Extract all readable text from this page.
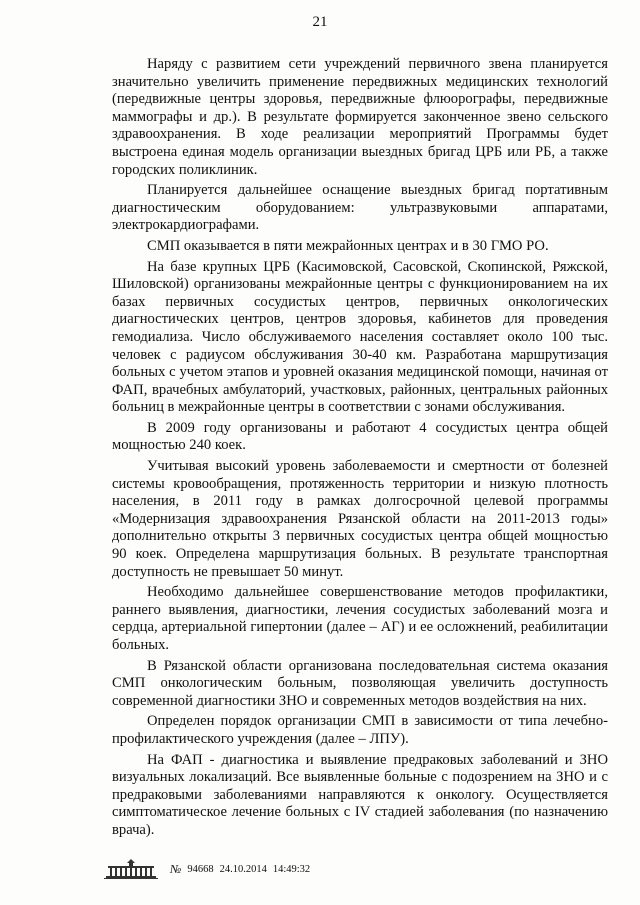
21

Наряду с развитием сети учреждений первичного звена планируется значительно увеличить применение передвижных медицинских технологий (передвижные центры здоровья, передвижные флюорографы, передвижные маммографы и др.). В результате формируется законченное звено сельского здравоохранения. В ходе реализации мероприятий Программы будет выстроена единая модель организации выездных бригад ЦРБ или РБ, а также городских поликлиник.

Планируется дальнейшее оснащение выездных бригад портативным диагностическим оборудованием: ультразвуковыми аппаратами, электрокардиографами.

СМП оказывается в пяти межрайонных центрах и в 30 ГМО РО.

На базе крупных ЦРБ (Касимовской, Сасовской, Скопинской, Ряжской, Шиловской) организованы межрайонные центры с функционированием на их базах первичных сосудистых центров, первичных онкологических диагностических центров, центров здоровья, кабинетов для проведения гемодиализа. Число обслуживаемого населения составляет около 100 тыс. человек с радиусом обслуживания 30-40 км. Разработана маршрутизация больных с учетом этапов и уровней оказания медицинской помощи, начиная от ФАП, врачебных амбулаторий, участковых, районных, центральных районных больниц в межрайонные центры в соответствии с зонами обслуживания.

В 2009 году организованы и работают 4 сосудистых центра общей мощностью 240 коек.

Учитывая высокий уровень заболеваемости и смертности от болезней системы кровообращения, протяженность территории и низкую плотность населения, в 2011 году в рамках долгосрочной целевой программы «Модернизация здравоохранения Рязанской области на 2011-2013 годы» дополнительно открыты 3 первичных сосудистых центра общей мощностью 90 коек. Определена маршрутизация больных. В результате транспортная доступность не превышает 50 минут.

Необходимо дальнейшее совершенствование методов профилактики, раннего выявления, диагностики, лечения сосудистых заболеваний мозга и сердца, артериальной гипертонии (далее – АГ) и ее осложнений, реабилитации больных.

В Рязанской области организована последовательная система оказания СМП онкологическим больным, позволяющая увеличить доступность современной диагностики ЗНО и современных методов воздействия на них.

Определен порядок организации СМП в зависимости от типа лечебно-профилактического учреждения (далее – ЛПУ).

На ФАП - диагностика и выявление предраковых заболеваний и ЗНО визуальных локализаций. Все выявленные больные с подозрением на ЗНО и с предраковыми заболеваниями направляются к онкологу. Осуществляется симптоматическое лечение больных с IV стадией заболевания (по назначению врача).

№ 94668 24.10.2014 14:49:32
